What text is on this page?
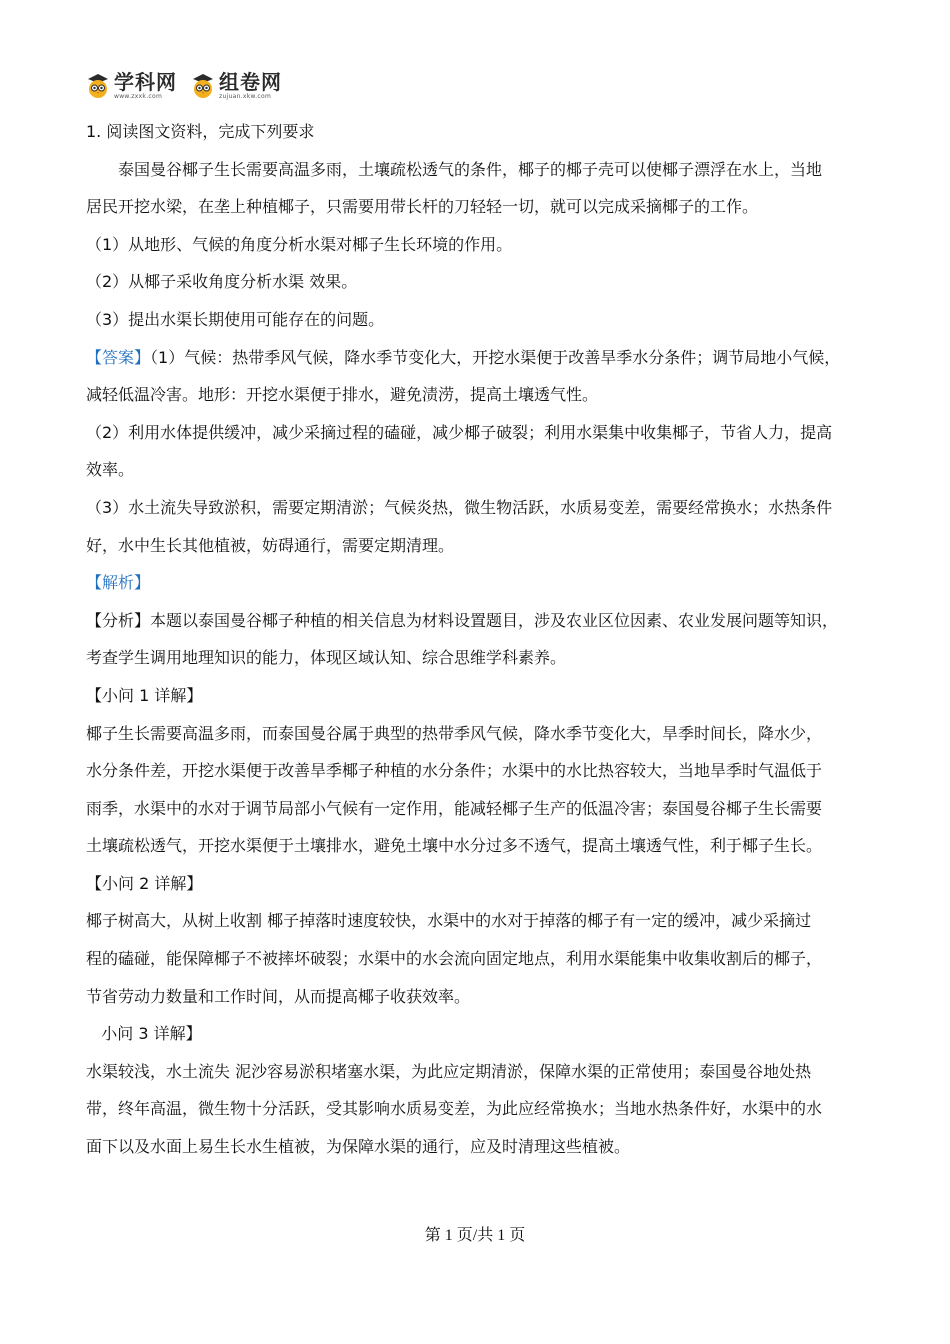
学科网
www.zxxk.com
组卷网
zujuan.xkw.com
1. 阅读图文资料，完成下列要求
泰国曼谷椰子生长需要高温多雨，土壤疏松透气的条件，椰子的椰子壳可以使椰子漂浮在水上，当地
居民开挖水梁，在垄上种植椰子，只需要用带长杆的刀轻轻一切，就可以完成采摘椰子的工作。
（1）从地形、气候的角度分析水渠对椰子生长环境的作用。
（2）从椰子采收角度分析水渠 效果。
（3）提出水渠长期使用可能存在的问题。
【答案】（1）气候：热带季风气候，降水季节变化大，开挖水渠便于改善旱季水分条件；调节局地小气候，
减轻低温冷害。地形：开挖水渠便于排水，避免渍涝，提高土壤透气性。
（2）利用水体提供缓冲，减少采摘过程的磕碰，减少椰子破裂；利用水渠集中收集椰子，节省人力，提高
效率。
（3）水土流失导致淤积，需要定期清淤；气候炎热，微生物活跃，水质易变差，需要经常换水；水热条件
好，水中生长其他植被，妨碍通行，需要定期清理。
【解析】
【分析】本题以泰国曼谷椰子种植的相关信息为材料设置题目，涉及农业区位因素、农业发展问题等知识，
考查学生调用地理知识的能力，体现区域认知、综合思维学科素养。
【小问 1 详解】
椰子生长需要高温多雨，而泰国曼谷属于典型的热带季风气候，降水季节变化大，旱季时间长，降水少，
水分条件差，开挖水渠便于改善旱季椰子种植的水分条件；水渠中的水比热容较大，当地旱季时气温低于
雨季，水渠中的水对于调节局部小气候有一定作用，能减轻椰子生产的低温冷害；泰国曼谷椰子生长需要
土壤疏松透气，开挖水渠便于土壤排水，避免土壤中水分过多不透气，提高土壤透气性，利于椰子生长。
【小问 2 详解】
椰子树高大，从树上收割 椰子掉落时速度较快，水渠中的水对于掉落的椰子有一定的缓冲，减少采摘过
程的磕碰，能保障椰子不被摔坏破裂；水渠中的水会流向固定地点，利用水渠能集中收集收割后的椰子，
节省劳动力数量和工作时间，从而提高椰子收获效率。
小问 3 详解】
水渠较浅，水土流失 泥沙容易淤积堵塞水渠，为此应定期清淤，保障水渠的正常使用；泰国曼谷地处热
带，终年高温，微生物十分活跃，受其影响水质易变差，为此应经常换水；当地水热条件好，水渠中的水
面下以及水面上易生长水生植被，为保障水渠的通行，应及时清理这些植被。
第 1 页/共 1 页
